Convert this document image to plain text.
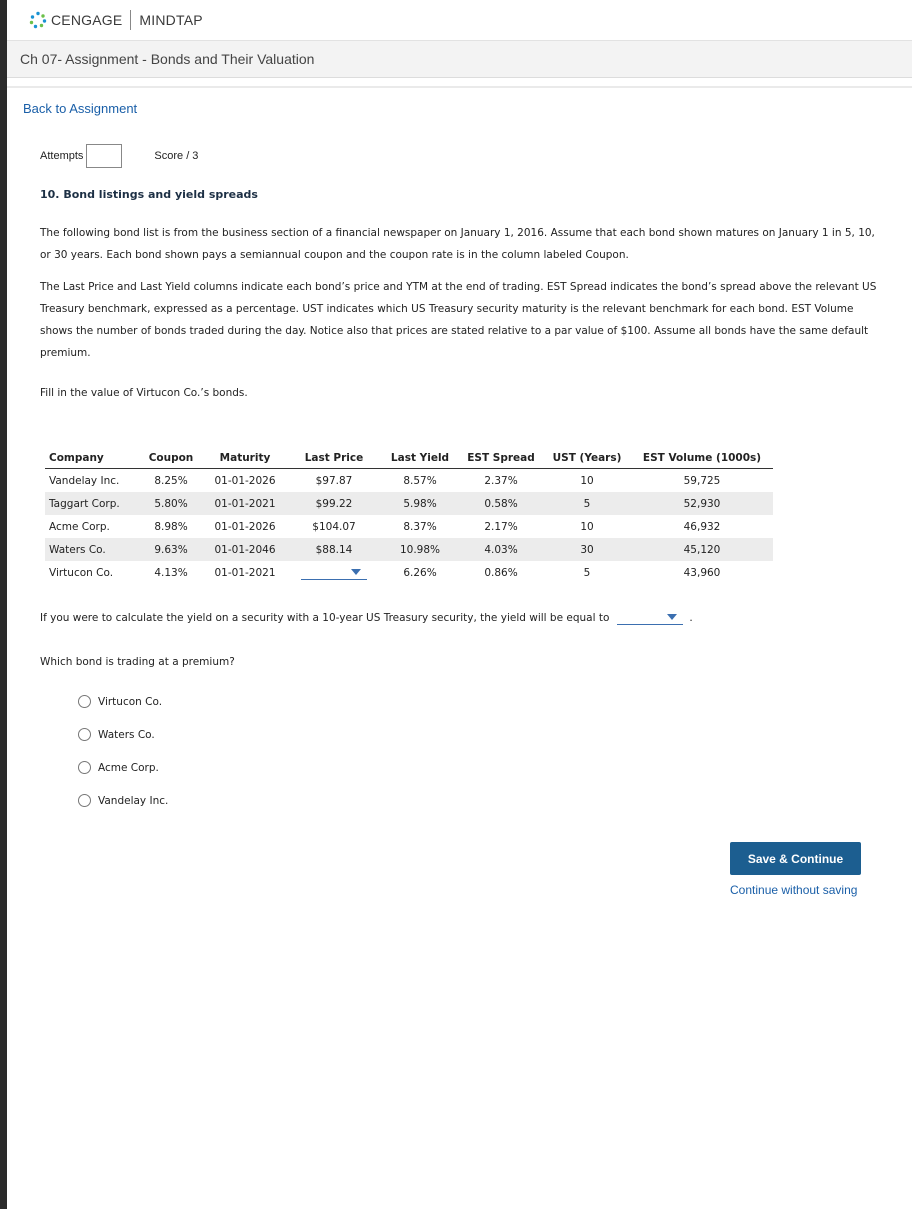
CENGAGE MINDTAP
Ch 07- Assignment - Bonds and Their Valuation
Back to Assignment
Attempts	Score / 3
10. Bond listings and yield spreads
The following bond list is from the business section of a financial newspaper on January 1, 2016. Assume that each bond shown matures on January 1 in 5, 10, or 30 years. Each bond shown pays a semiannual coupon and the coupon rate is in the column labeled Coupon.
The Last Price and Last Yield columns indicate each bond’s price and YTM at the end of trading. EST Spread indicates the bond’s spread above the relevant US Treasury benchmark, expressed as a percentage. UST indicates which US Treasury security maturity is the relevant benchmark for each bond. EST Volume shows the number of bonds traded during the day. Notice also that prices are stated relative to a par value of $100. Assume all bonds have the same default premium.
Fill in the value of Virtucon Co.’s bonds.
Company	Coupon	Maturity	Last Price	Last Yield	EST Spread	UST (Years)	EST Volume (1000s)
Vandelay Inc.	8.25%	01-01-2026	$97.87	8.57%	2.37%	10	59,725
Taggart Corp.	5.80%	01-01-2021	$99.22	5.98%	0.58%	5	52,930
Acme Corp.	8.98%	01-01-2026	$104.07	8.37%	2.17%	10	46,932
Waters Co.	9.63%	01-01-2046	$88.14	10.98%	4.03%	30	45,120
Virtucon Co.	4.13%	01-01-2021		6.26%	0.86%	5	43,960
If you were to calculate the yield on a security with a 10-year US Treasury security, the yield will be equal to	.
Which bond is trading at a premium?
Virtucon Co.
Waters Co.
Acme Corp.
Vandelay Inc.
Save & Continue
Continue without saving
